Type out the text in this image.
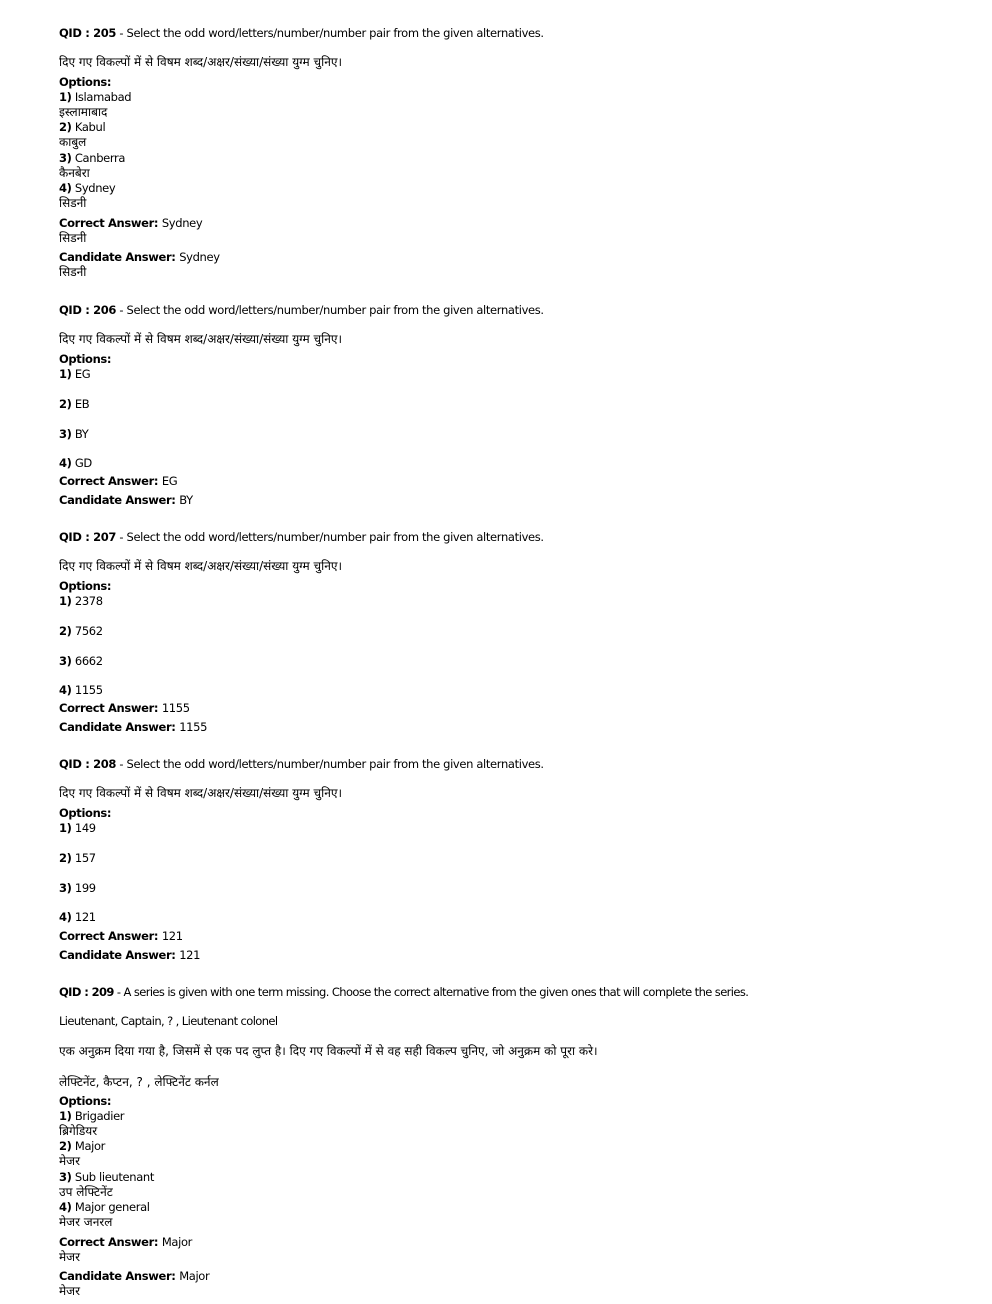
QID : 205 - Select the odd word/letters/number/number pair from the given alternatives.
दिए गए विकल्पों में से विषम शब्द/अक्षर/संख्या/संख्या युग्म चुनिए।
Options:
1) Islamabad
इस्लामाबाद
2) Kabul
काबुल
3) Canberra
कैनबेरा
4) Sydney
सिडनी
Correct Answer: Sydney
सिडनी
Candidate Answer: Sydney
सिडनी
QID : 206 - Select the odd word/letters/number/number pair from the given alternatives.
दिए गए विकल्पों में से विषम शब्द/अक्षर/संख्या/संख्या युग्म चुनिए।
Options:
1) EG
2) EB
3) BY
4) GD
Correct Answer: EG
Candidate Answer: BY
QID : 207 - Select the odd word/letters/number/number pair from the given alternatives.
दिए गए विकल्पों में से विषम शब्द/अक्षर/संख्या/संख्या युग्म चुनिए।
Options:
1) 2378
2) 7562
3) 6662
4) 1155
Correct Answer: 1155
Candidate Answer: 1155
QID : 208 - Select the odd word/letters/number/number pair from the given alternatives.
दिए गए विकल्पों में से विषम शब्द/अक्षर/संख्या/संख्या युग्म चुनिए।
Options:
1) 149
2) 157
3) 199
4) 121
Correct Answer: 121
Candidate Answer: 121
QID : 209 - A series is given with one term missing. Choose the correct alternative from the given ones that will complete the series.
Lieutenant, Captain, ? , Lieutenant colonel
एक अनुक्रम दिया गया है, जिसमें से एक पद लुप्त है। दिए गए विकल्पों में से वह सही विकल्प चुनिए, जो अनुक्रम को पूरा करे।
लेफ्टिनेंट, कैप्टन, ? , लेफ्टिनेंट कर्नल
Options:
1) Brigadier
ब्रिगेडियर
2) Major
मेजर
3) Sub lieutenant
उप लेफ्टिनेंट
4) Major general
मेजर जनरल
Correct Answer: Major
मेजर
Candidate Answer: Major
मेजर
